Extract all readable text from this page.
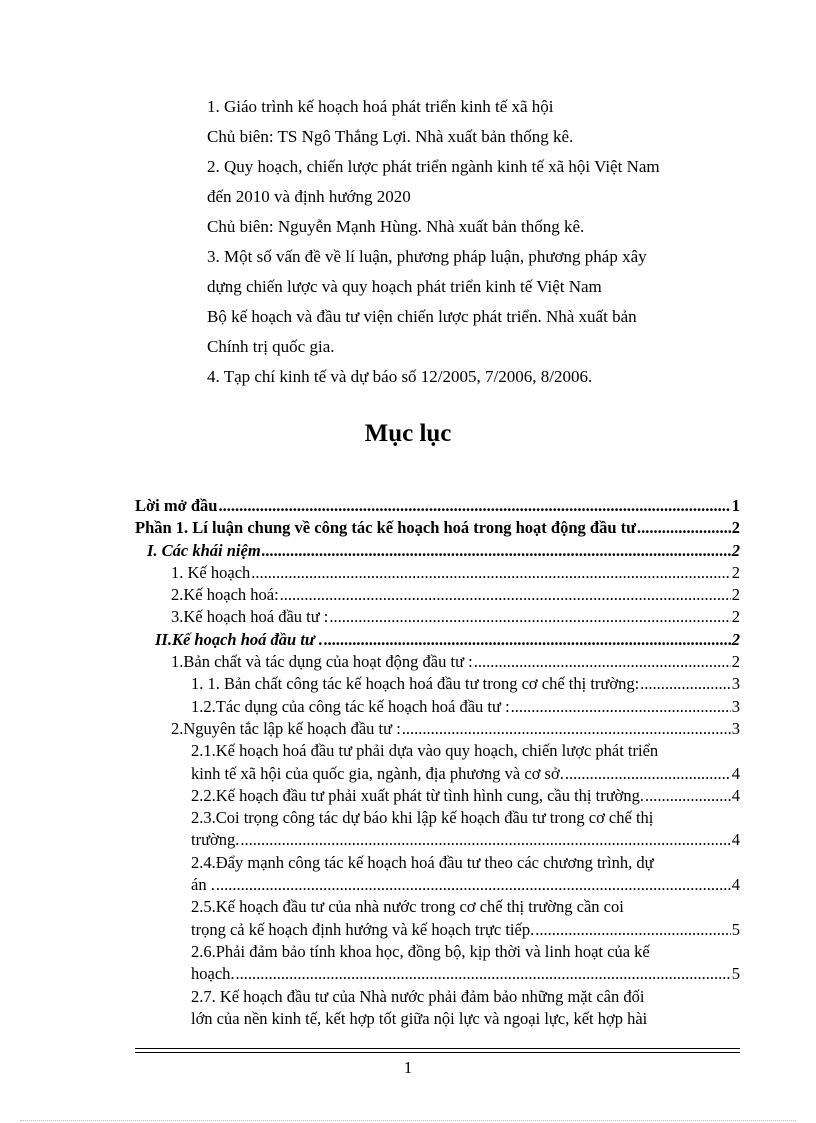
1. Giáo trình kế hoạch hoá phát triển kinh tế xã hội

Chủ biên: TS Ngô Thắng Lợi. Nhà xuất bản thống kê.

2. Quy hoạch, chiến lược phát triển ngành kinh tế xã hội Việt Nam

đến 2010 và định hướng 2020

Chủ biên: Nguyễn Mạnh Hùng. Nhà xuất bản thống kê.

3. Một số vấn đề về lí luận, phương pháp luận, phương pháp xây

dựng chiến lược và quy hoạch phát triển kinh tế Việt Nam

Bộ kế hoạch và đầu tư viện chiến lược phát triển. Nhà xuất bản

Chính trị quốc gia.

4. Tạp chí kinh tế và dự báo số 12/2005, 7/2006, 8/2006.

Mục lục
Lời mở đầu .....	1
Phần 1. Lí luận chung về công tác kế hoạch hoá trong hoạt động đầu tư .....	2
I. Các khái niệm .....	2
1. Kế hoạch .....	2
2.Kế hoạch hoá: .....	2
3.Kế hoạch hoá đầu tư : .....	2
II.Kế hoạch hoá đầu tư . .....	2
1.Bản chất và tác dụng của hoạt động đầu tư : .....	2
1. 1. Bản chất công tác kế hoạch hoá đầu tư trong cơ chế thị trường: .....	3
1.2.Tác dụng của công tác kế hoạch hoá đầu tư : .....	3
2.Nguyên tắc lập kế hoạch đầu tư : .....	3
2.1.Kế hoạch hoá đầu tư phải dựa vào quy hoạch, chiến lược phát triển
kinh tế xã hội của quốc gia, ngành, địa phương và cơ sở. .....	4
2.2.Kế hoạch đầu tư phải xuất phát từ tình hình cung, cầu thị trường. .....	4
2.3.Coi trọng công tác dự báo khi lập kế hoạch đầu tư trong cơ chế thị
trường. .....	4
2.4.Đẩy mạnh công tác kế hoạch hoá đầu tư theo các chương trình, dự
án . .....	4
2.5.Kế hoạch đầu tư của nhà nước trong cơ chế thị trường cần coi
trọng cả kế hoạch định hướng và kế hoạch trực tiếp. .....	5
2.6.Phải đảm bảo tính khoa học, đồng bộ, kịp thời và linh hoạt của kế
hoạch. .....	5
2.7. Kế hoạch đầu tư của Nhà nước phải đảm bảo những mặt cân đối
lớn của nền kinh tế, kết hợp tốt giữa nội lực và ngoại lực, kết hợp hài
1
